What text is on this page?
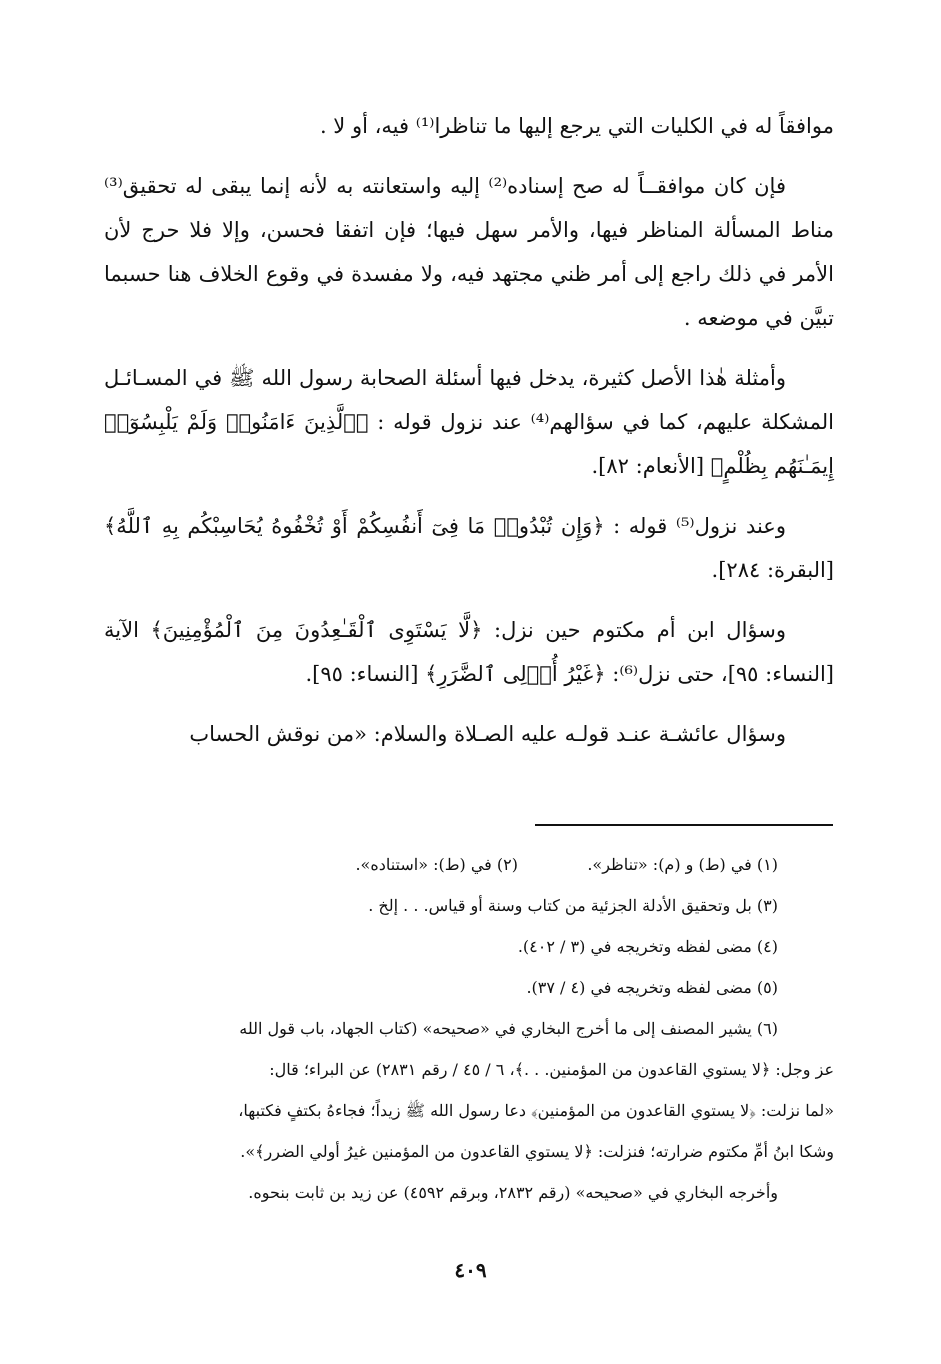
موافقاً له في الكليات التي يرجع إليها ما تناظرا⁽¹⁾ فيه، أو لا .

فإن كان موافقــاً له صح إسناده⁽²⁾ إليه واستعانته به لأنه إنما يبقى له تحقيق⁽³⁾ مناط المسألة المناظر فيها، والأمر سهل فيها؛ فإن اتفقا فحسن، وإلا فلا حرج لأن الأمر في ذلك راجع إلى أمر ظني مجتهد فيه، ولا مفسدة في وقوع الخلاف هنا حسبما تبيَّن في موضعه .

وأمثلة هٰذا الأصل كثيرة، يدخل فيها أسئلة الصحابة رسول الله ﷺ في المسـائـل المشكلة عليهم، كما في سؤالهم⁽⁴⁾ عند نزول قوله : ﴿ٱلَّذِينَ ءَامَنُوا۟ وَلَمْ يَلْبِسُوٓا۟ إِيمَـٰنَهُم بِظُلْمٍ﴾ [الأنعام: ٨٢].

وعند نزول⁽⁵⁾ قوله : ﴿وَإِن تُبْدُوا۟ مَا فِىٓ أَنفُسِكُمْ أَوْ تُخْفُوهُ يُحَاسِبْكُم بِهِ ٱللَّهُ﴾ [البقرة: ٢٨٤].

وسؤال ابن أم مكتوم حين نزل: ﴿لَّا يَسْتَوِى ٱلْقَـٰعِدُونَ مِنَ ٱلْمُؤْمِنِينَ﴾ الآية [النساء: ٩٥]، حتى نزل⁽⁶⁾: ﴿غَيْرُ أُو۟لِى ٱلضَّرَرِ﴾ [النساء: ٩٥].

وسؤال عائشـة عنـد قولـه عليه الصـلاة والسلام: «من نوقش الحساب

(١) في (ط) و (م): «تناظر».
(٢) في (ط): «استناده».

(٣) بل وتحقيق الأدلة الجزئية من كتاب وسنة أو قياس. . . إلخ .

(٤) مضى لفظه وتخريجه في (٣ / ٤٠٢).

(٥) مضى لفظه وتخريجه في (٤ / ٣٧).

(٦) يشير المصنف إلى ما أخرج البخاري في «صحيحه» (كتاب الجهاد، باب قول الله

عز وجل: ﴿لا يستوي القاعدون من المؤمنين. . .﴾، ٦ / ٤٥ / رقم ٢٨٣١) عن البراء؛ قال:

«لما نزلت: ﴿لا يستوي القاعدون من المؤمنين﴾ دعا رسول الله ﷺ زيداً؛ فجاءهُ بكتفٍ فكتبها،

وشكا ابنُ أمِّ مكتوم ضرارته؛ فنزلت: ﴿لا يستوي القاعدون من المؤمنين غيرُ أولي الضرر﴾».

وأخرجه البخاري في «صحيحه» (رقم ٢٨٣٢، وبرقم ٤٥٩٢) عن زيد بن ثابت بنحوه.

٤٠٩
